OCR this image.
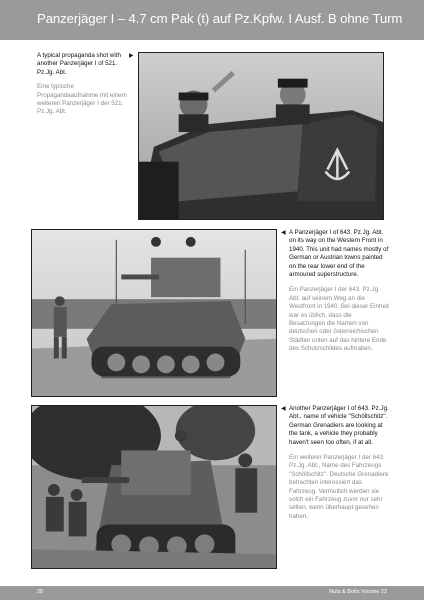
Panzerjäger I – 4.7 cm Pak (t) auf Pz.Kpfw. I Ausf. B ohne Turm
A typical propaganda shot with another Panzerjäger I of 521. Pz.Jg. Abt.
Eine typische Propagandaaufnahme mit einem weiteren Panzerjäger I der 521. Pz.Jg. Abt.
▶
◀ A Panzerjäger I of 643. Pz.Jg. Abt. on its way on the Western Front in 1940. This unit had names mostly of German or Austrian towns painted on the rear lower end of the armoured superstructure.
Ein Panzerjäger I der 643. Pz.Jg. Abt. auf seinem Weg an die Westfront in 1940. Bei dieser Einheit war es üblich, dass die Besatzungen die Namen von deutschen oder österreichischen Städten unten auf das hintere Ende des Schutzschildes aufmalten.
◀ Another Panzerjäger I of 643. Pz.Jg. Abt., name of vehicle "Schöllschitz". German Grenadiers are looking at the tank, a vehicle they probably haven't seen too often, if at all.
Ein weiterer Panzerjäger I der 643. Pz.Jg. Abt., Name des Fahrzeugs "Schöllschitz". Deutsche Grenadiere betrachten interessiert das Fahrzeug. Vermutlich werden sie solch ein Fahrzeug zuvor nur sehr selten, wenn überhaupt gesehen haben.
28	Nuts & Bolts Volume 22
